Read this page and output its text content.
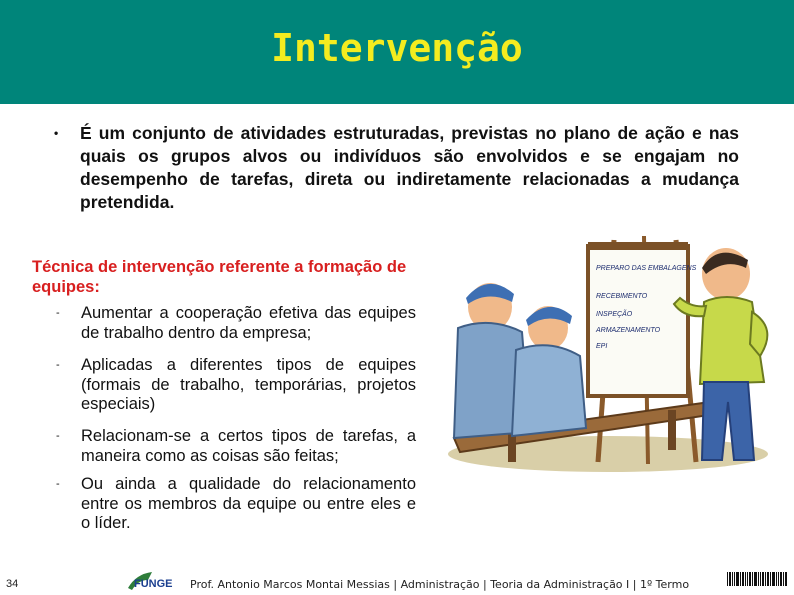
Intervenção
• É um conjunto de atividades estruturadas, previstas no plano de ação e nas quais os grupos alvos ou indivíduos são envolvidos e se engajam no desempenho de tarefas, direta ou indiretamente relacionadas a mudança pretendida.

Técnica de intervenção referente a formação de equipes:
- Aumentar a cooperação efetiva das equipes de trabalho dentro da empresa;

- Aplicadas a diferentes tipos de equipes (formais de trabalho, temporárias, projetos especiais)

- Relacionam-se a certos tipos de tarefas, a maneira como as coisas são feitas;

- Ou ainda a qualidade do relacionamento entre os membros da equipe ou entre eles e o líder.

PREPARO DAS EMBALAGENS
RECEBIMENTO
INSPEÇÃO
ARMAZENAMENTO
EPI
34	FUNGE Prof. Antonio Marcos Montai Messias | Administração | Teoria da Administração I | 1º Termo
